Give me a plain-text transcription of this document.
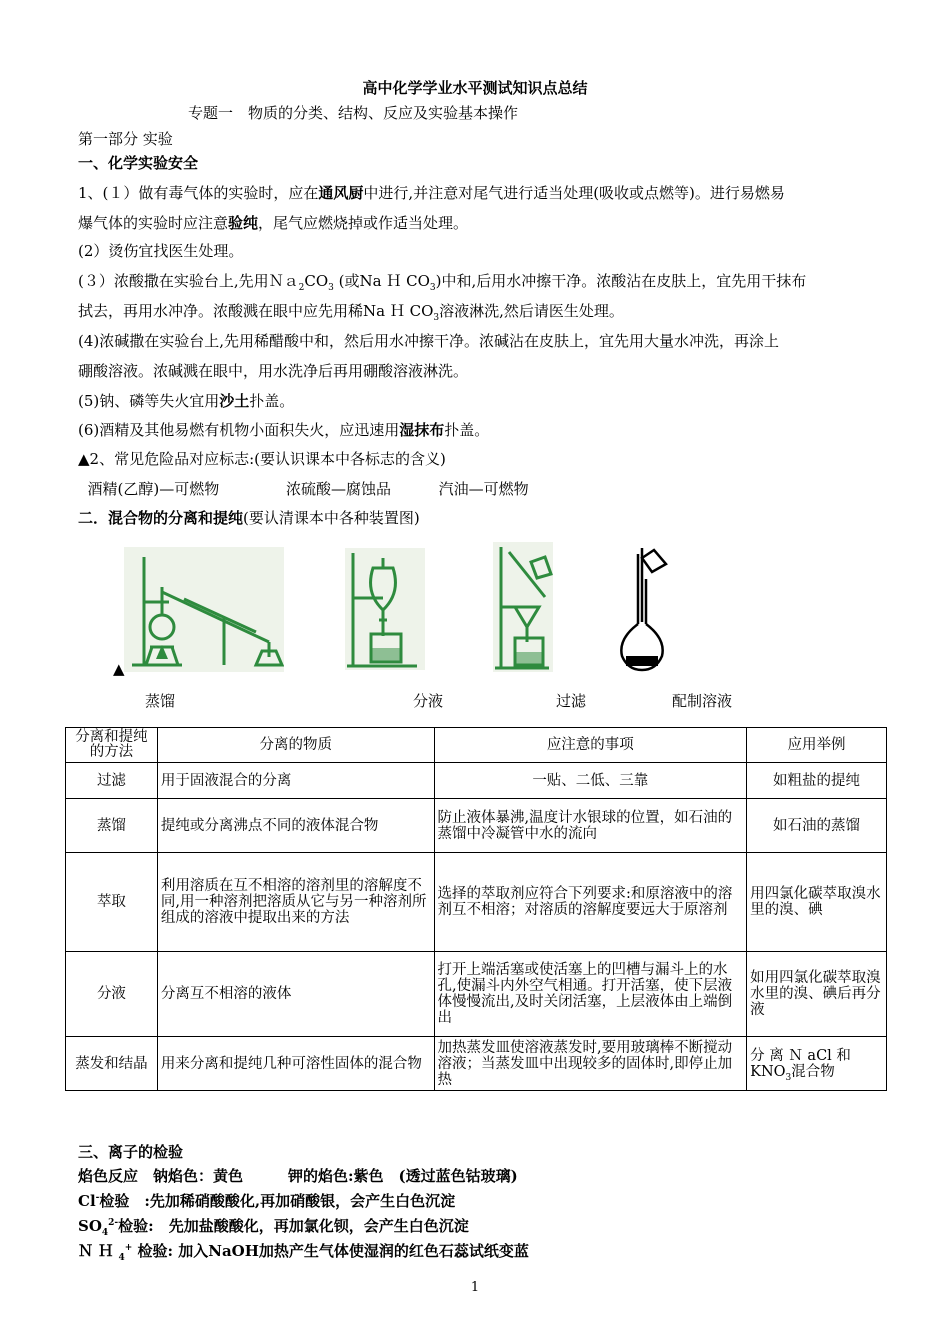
高中化学学业水平测试知识点总结
专题一　物质的分类、结构、反应及实验基本操作
第一部分 实验
一、化学实验安全
1、(１）做有毒气体的实验时，应在通风厨中进行,并注意对尾气进行适当处理(吸收或点燃等)。进行易燃易
爆气体的实验时应注意验纯，尾气应燃烧掉或作适当处理。
(2）烫伤宜找医生处理。
(３）浓酸撒在实验台上,先用$Na_2CO_3$ (或Na Ｈ $CO_3$)中和,后用水冲擦干净。浓酸沾在皮肤上，宜先用干抹布
拭去，再用水冲净。浓酸溅在眼中应先用稀Na Ｈ $CO_3$溶液淋洗,然后请医生处理。
(4)浓碱撒在实验台上,先用稀醋酸中和，然后用水冲擦干净。浓碱沾在皮肤上，宜先用大量水冲洗，再涂上
硼酸溶液。浓碱溅在眼中，用水洗净后再用硼酸溶液淋洗。
(5)钠、磷等失火宜用沙土扑盖。
(6)酒精及其他易燃有机物小面积失火，应迅速用湿抹布扑盖。
▲2、常见危险品对应标志:(要认识课本中各标志的含义)
酒精(乙醇)—可燃物              浓硫酸—腐蚀品          汽油—可燃物
二．混合物的分离和提纯(要认清课本中各种装置图)
▲
蒸馏	分液	过滤	配制溶液
分离和提纯的方法	分离的物质	应注意的事项	应用举例
过滤	用于固液混合的分离	一贴、二低、三靠	如粗盐的提纯
蒸馏	提纯或分离沸点不同的液体混合物	防止液体暴沸,温度计水银球的位置，如石油的蒸馏中冷凝管中水的流向	如石油的蒸馏
萃取	利用溶质在互不相溶的溶剂里的溶解度不同,用一种溶剂把溶质从它与另一种溶剂所组成的溶液中提取出来的方法	选择的萃取剂应符合下列要求:和原溶液中的溶剂互不相溶；对溶质的溶解度要远大于原溶剂	用四氯化碳萃取溴水里的溴、碘
分液	分离互不相溶的液体	打开上端活塞或使活塞上的凹槽与漏斗上的水孔,使漏斗内外空气相通。打开活塞，使下层液体慢慢流出,及时关闭活塞，上层液体由上端倒出	如用四氯化碳萃取溴水里的溴、碘后再分液
蒸发和结晶	用来分离和提纯几种可溶性固体的混合物	加热蒸发皿使溶液蒸发时,要用玻璃棒不断搅动溶液；当蒸发皿中出现较多的固体时,即停止加热	分 离 Ｎ aCl 和 $KNO_3$混合物
三、离子的检验
焰色反应　钠焰色：黄色　　　钾的焰色:紫色　(透过蓝色钴玻璃)
Cl-检验　:先加稀硝酸酸化,再加硝酸银，会产生白色沉淀
$SO_4^{2-}$检验:　先加盐酸酸化，再加氯化钡，会产生白色沉淀
Ｎ Ｈ $_4$+ 检验: 加入NaOH加热产生气体使湿润的红色石蕊试纸变蓝
1
